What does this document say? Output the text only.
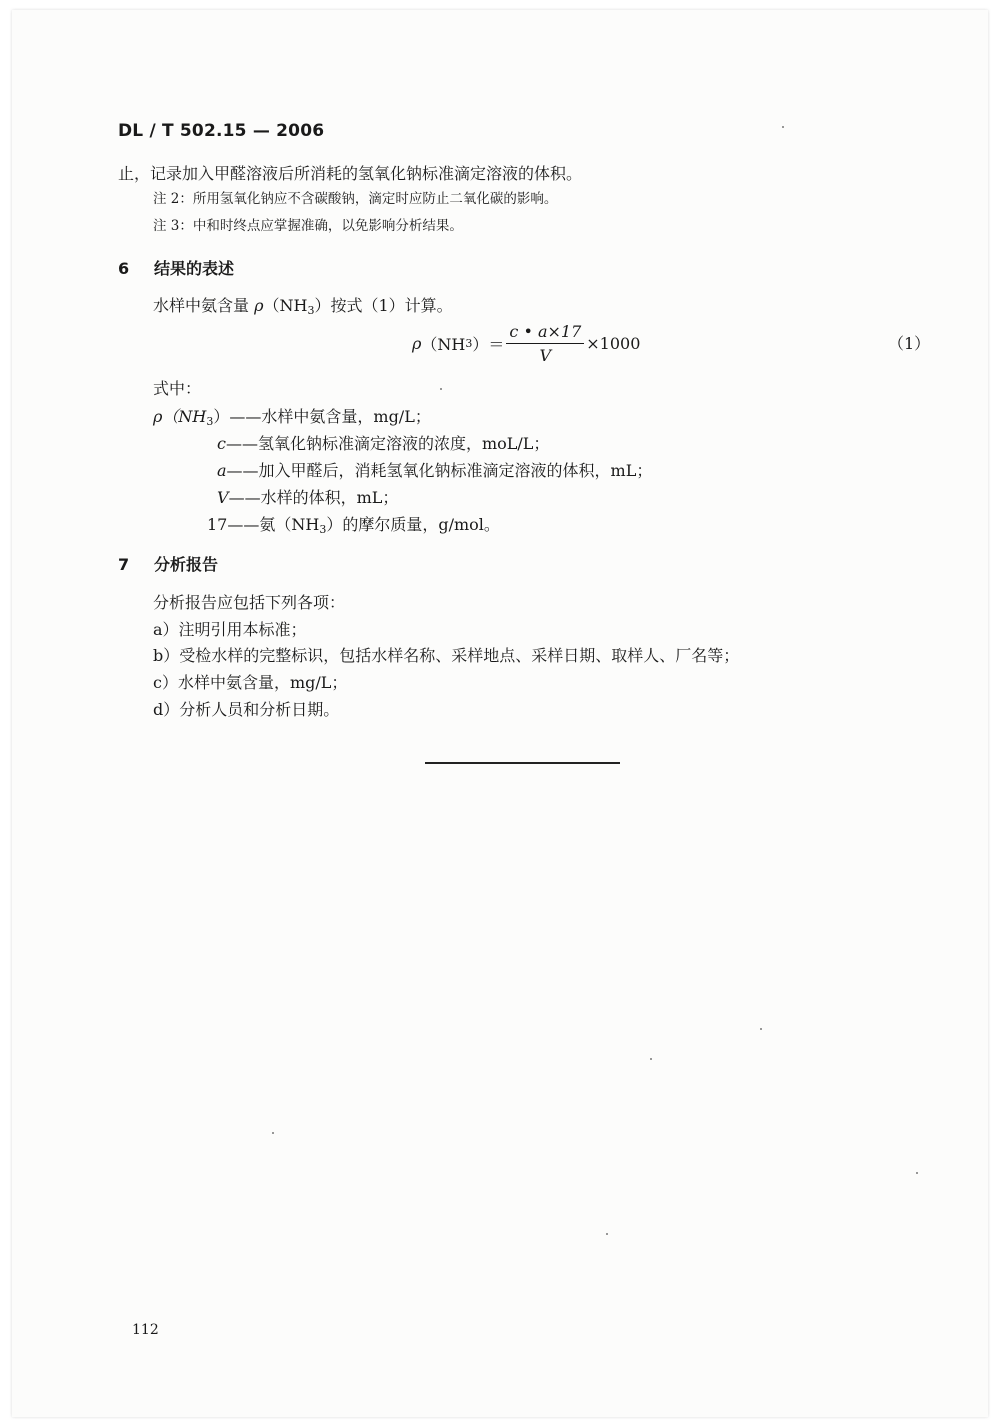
DL / T 502.15 — 2006
止，记录加入甲醛溶液后所消耗的氢氧化钠标准滴定溶液的体积。
注 2：所用氢氧化钠应不含碳酸钠，滴定时应防止二氧化碳的影响。
注 3：中和时终点应掌握准确，以免影响分析结果。
6 结果的表述
水样中氨含量 $\rho(NH_3)$按式（1）计算。
ρ （NH 3 ）＝ $\frac{c • a\times 17}{V} \times 1000$	（1）
式中：
$\rho(NH_3)——$水样中氨含量，mg/L；
c——氢氧化钠标准滴定溶液的浓度，moL/L；
a——加入甲醛后，消耗氢氧化钠标准滴定溶液的体积，mL；
V——水样的体积，mL；
17——氨$(NH_3)$的摩尔质量，g/mol。
7 分析报告
分析报告应包括下列各项：
a）注明引用本标准；
b）受检水样的完整标识，包括水样名称、采样地点、采样日期、取样人、厂名等；
c）水样中氨含量，mg/L；
d）分析人员和分析日期。
112
